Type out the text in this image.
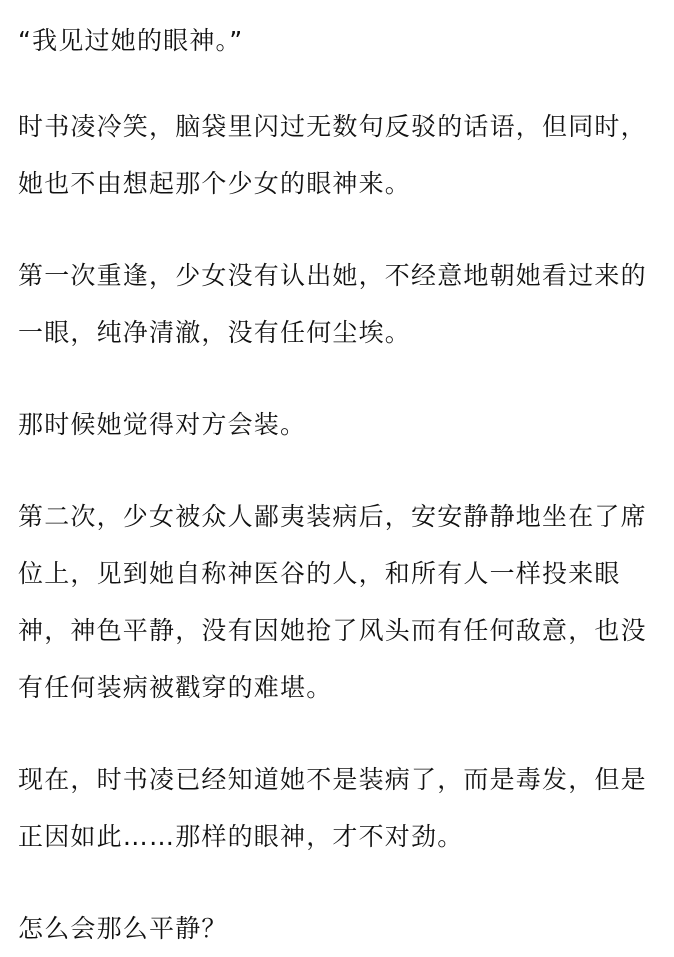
“我见过她的眼神。”

时书凌冷笑，脑袋里闪过无数句反驳的话语，但同时，她也不由想起那个少女的眼神来。

第一次重逢，少女没有认出她，不经意地朝她看过来的一眼，纯净清澈，没有任何尘埃。

那时候她觉得对方会装。

第二次，少女被众人鄙夷装病后，安安静静地坐在了席位上，见到她自称神医谷的人，和所有人一样投来眼神，神色平静，没有因她抢了风头而有任何敌意，也没有任何装病被戳穿的难堪。

现在，时书凌已经知道她不是装病了，而是毒发，但是正因如此……那样的眼神，才不对劲。

怎么会那么平静？
